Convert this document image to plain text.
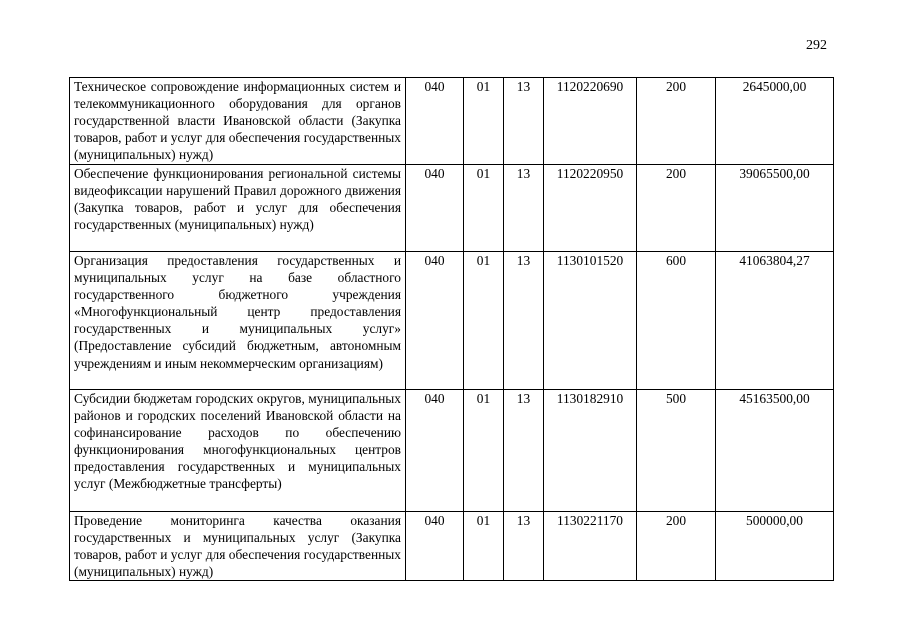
292
Техническое сопровождение информационных систем и телекоммуникационного оборудования для органов государственной власти Ивановской области (Закупка товаров, работ и услуг для обеспечения государственных (муниципальных) нужд)	040	01	13	1120220690	200	2645000,00
Обеспечение функционирования региональной системы видеофиксации нарушений Правил дорожного движения (Закупка товаров, работ и услуг для обеспечения государственных (муниципальных) нужд)	040	01	13	1120220950	200	39065500,00
Организация предоставления государственных и муниципальных услуг на базе областного государственного бюджетного учреждения «Многофункциональный центр предоставления государственных и муниципальных услуг» (Предоставление субсидий бюджетным, автономным учреждениям и иным некоммерческим организациям)	040	01	13	1130101520	600	41063804,27
Субсидии бюджетам городских округов, муниципальных районов и городских поселений Ивановской области на софинансирование расходов по обеспечению функционирования многофункциональных центров предоставления государственных и муниципальных услуг (Межбюджетные трансферты)	040	01	13	1130182910	500	45163500,00
Проведение мониторинга качества оказания государственных и муниципальных услуг (Закупка товаров, работ и услуг для обеспечения государственных (муниципальных) нужд)	040	01	13	1130221170	200	500000,00
